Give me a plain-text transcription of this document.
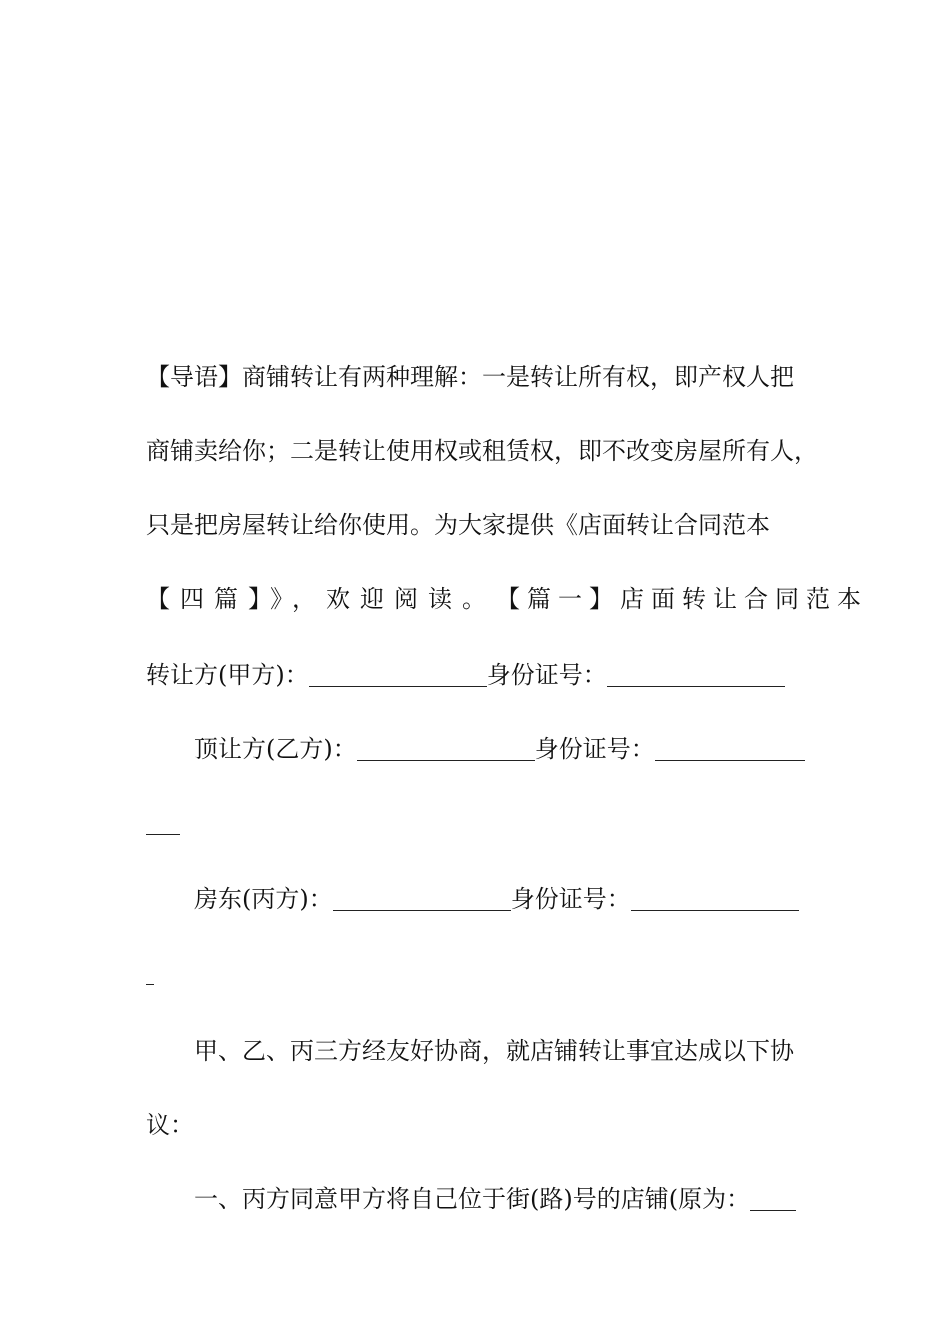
【导语】商铺转让有两种理解：一是转让所有权，即产权人把
商铺卖给你；二是转让使用权或租赁权，即不改变房屋所有人，
只是把房屋转让给你使用。为大家提供《店面转让合同范本
【四篇】》， 欢迎阅读。 【篇一】店面转让合同范本
转让方(甲方)：	身份证号：
顶让方(乙方)：	身份证号：
房东(丙方)：	身份证号：
甲、乙、丙三方经友好协商，就店铺转让事宜达成以下协
议：
一、丙方同意甲方将自己位于街(路)号的店铺(原为：
